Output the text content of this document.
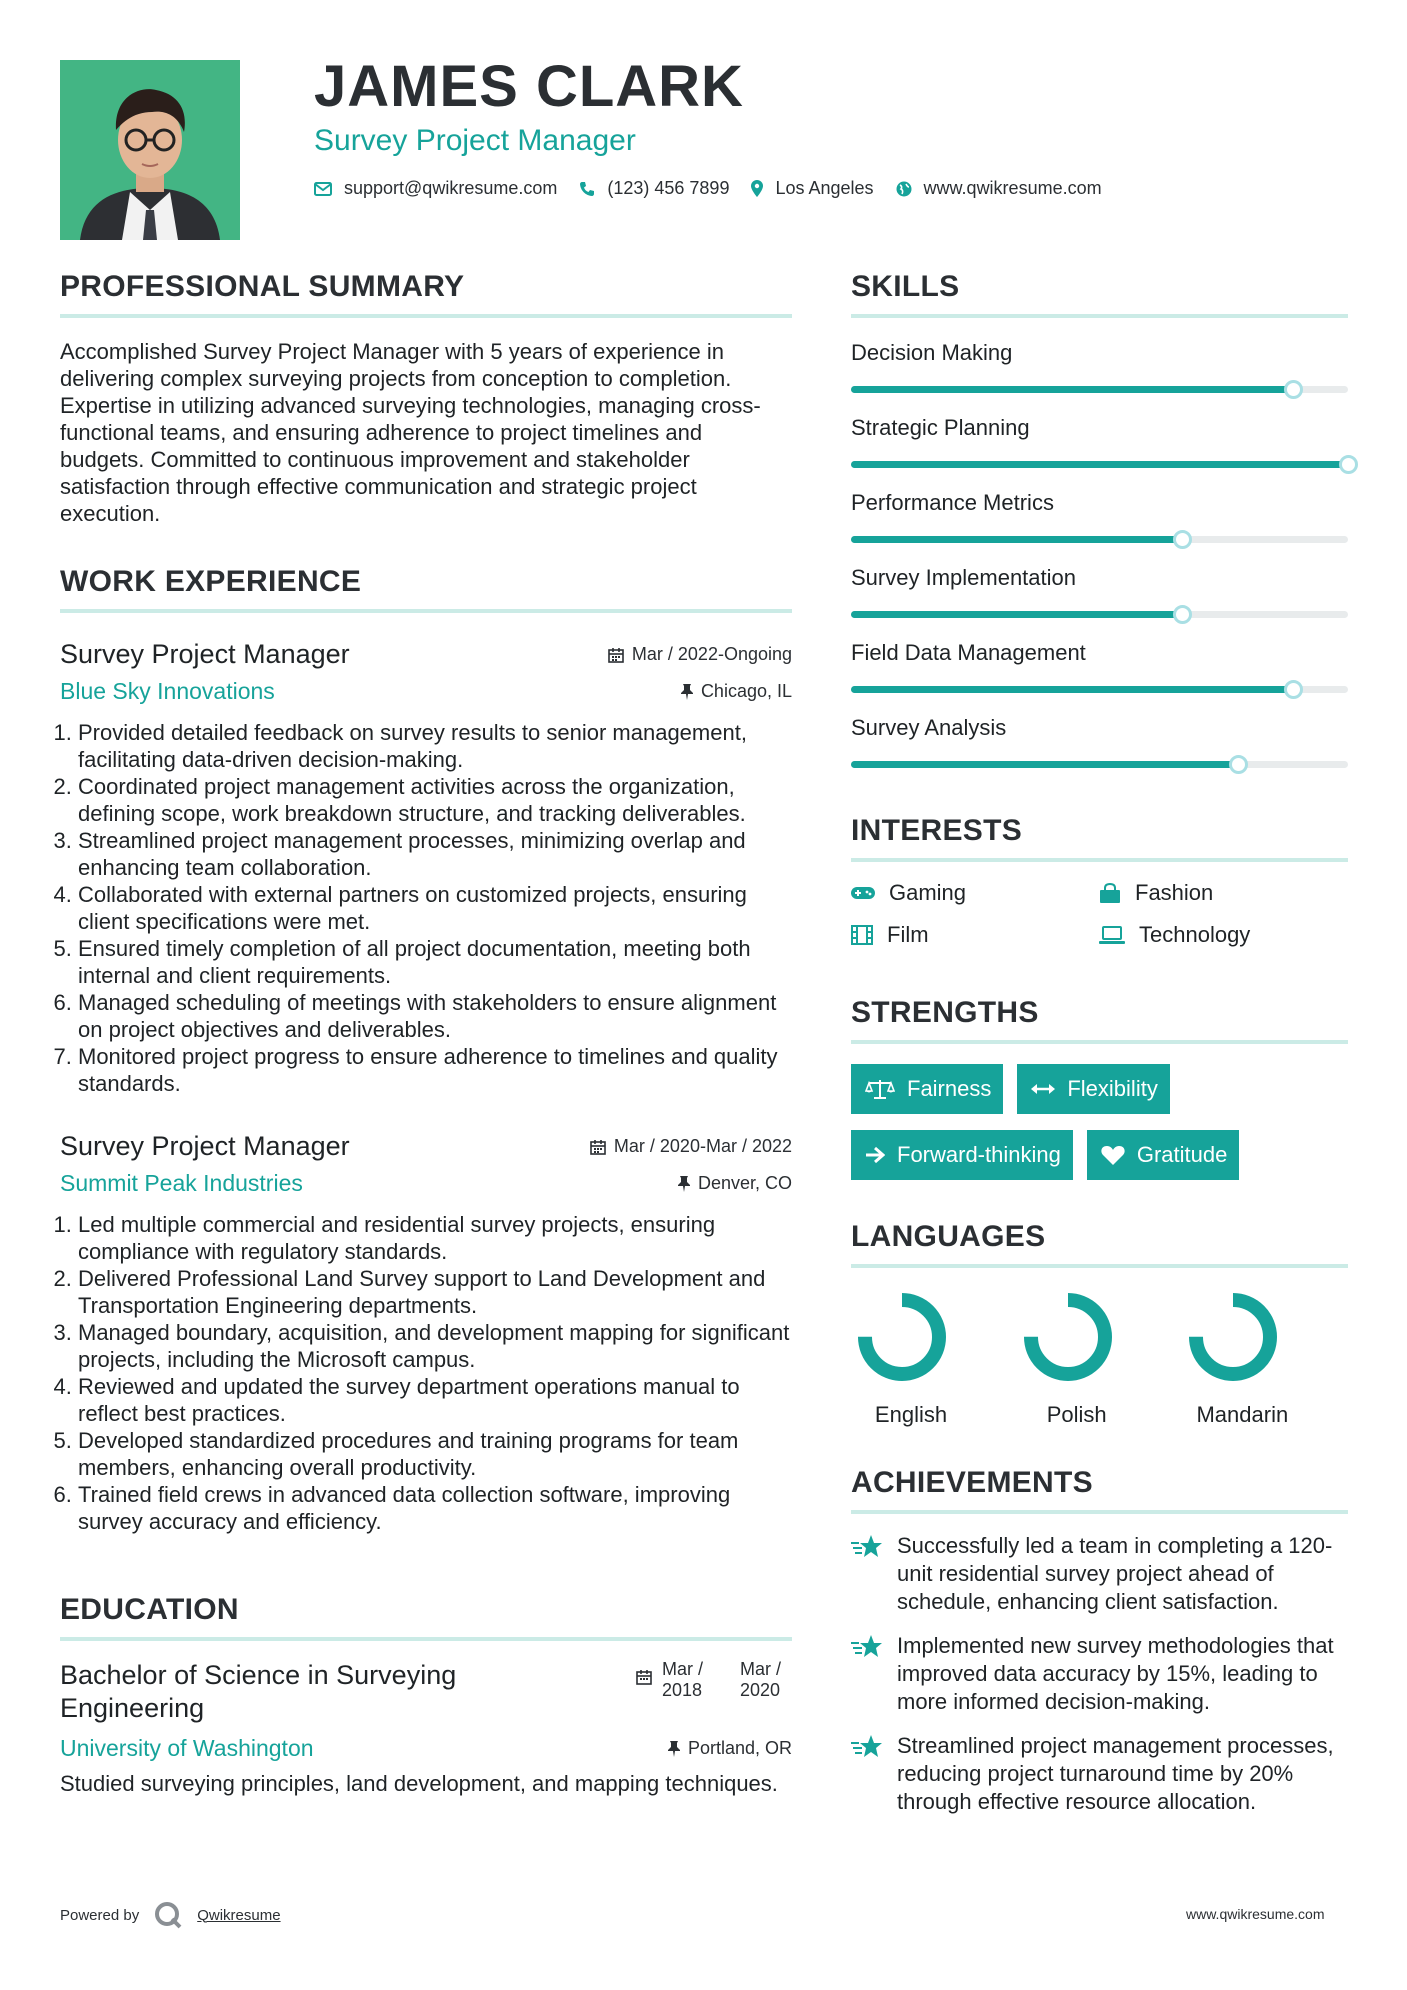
JAMES CLARK
Survey Project Manager
support@qwikresume.com	(123) 456 7899	Los Angeles	www.qwikresume.com
PROFESSIONAL SUMMARY

Accomplished Survey Project Manager with 5 years of experience in delivering complex surveying projects from conception to completion. Expertise in utilizing advanced surveying technologies, managing cross-functional teams, and ensuring adherence to project timelines and budgets. Committed to continuous improvement and stakeholder satisfaction through effective communication and strategic project execution.

WORK EXPERIENCE
Survey Project Manager	Mar / 2022-Ongoing
Blue Sky Innovations	Chicago, IL
1. Provided detailed feedback on survey results to senior management, facilitating data-driven decision-making.
2. Coordinated project management activities across the organization, defining scope, work breakdown structure, and tracking deliverables.
3. Streamlined project management processes, minimizing overlap and enhancing team collaboration.
4. Collaborated with external partners on customized projects, ensuring client specifications were met.
5. Ensured timely completion of all project documentation, meeting both internal and client requirements.
6. Managed scheduling of meetings with stakeholders to ensure alignment on project objectives and deliverables.
7. Monitored project progress to ensure adherence to timelines and quality standards.
Survey Project Manager	Mar / 2020-Mar / 2022
Summit Peak Industries	Denver, CO
1. Led multiple commercial and residential survey projects, ensuring compliance with regulatory standards.
2. Delivered Professional Land Survey support to Land Development and Transportation Engineering departments.
3. Managed boundary, acquisition, and development mapping for significant projects, including the Microsoft campus.
4. Reviewed and updated the survey department operations manual to reflect best practices.
5. Developed standardized procedures and training programs for team members, enhancing overall productivity.
6. Trained field crews in advanced data collection software, improving survey accuracy and efficiency.
EDUCATION
Bachelor of Science in Surveying Engineering
Mar / 2018
Mar / 2020
University of Washington	Portland, OR

Studied surveying principles, land development, and mapping techniques.

Powered by	Qwikresume	www.qwikresume.com
SKILLS
Decision Making
Strategic Planning
Performance Metrics
Survey Implementation
Field Data Management
Survey Analysis
INTERESTS
Gaming	Fashion
Film	Technology
STRENGTHS
Fairness	Flexibility
Forward-thinking	Gratitude
LANGUAGES
English	Polish	Mandarin
ACHIEVEMENTS
Successfully led a team in completing a 120-unit residential survey project ahead of schedule, enhancing client satisfaction.
Implemented new survey methodologies that improved data accuracy by 15%, leading to more informed decision-making.
Streamlined project management processes, reducing project turnaround time by 20% through effective resource allocation.
